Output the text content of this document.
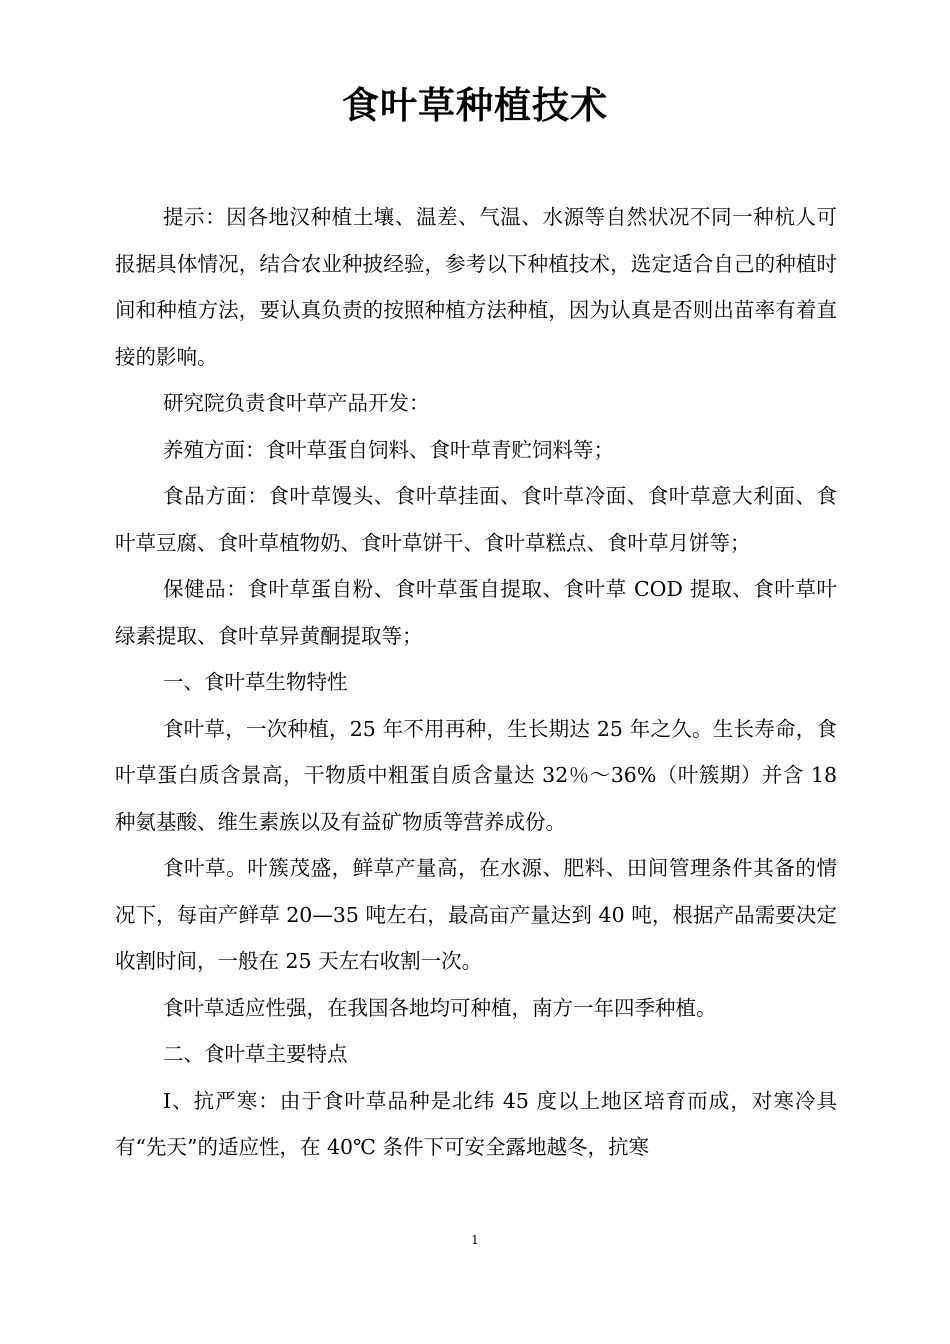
食叶草种植技术

提示：因各地汉种植土壤、温差、气温、水源等自然状况不同一种杭人可报据具体情况，结合农业种披经验，参考以下种植技术，选定适合自己的种植时间和种植方法，要认真负责的按照种植方法种植，因为认真是否则出苗率有着直接的影响。

研究院负责食叶草产品开发：

养殖方面：食叶草蛋自饲料、食叶草青贮饲料等；

食品方面：食叶草馒头、食叶草挂面、食叶草冷面、食叶草意大利面、食叶草豆腐、食叶草植物奶、食叶草饼干、食叶草糕点、食叶草月饼等；

保健品：食叶草蛋自粉、食叶草蛋自提取、食叶草 COD 提取、食叶草叶绿素提取、食叶草异黄酮提取等；

一、食叶草生物特性

食叶草，一次种植，25 年不用再种，生长期达 25 年之久。生长寿命，食叶草蛋白质含景高，干物质中粗蛋自质含量达 32％～36%（叶簇期）并含 18 种氨基酸、维生素族以及有益矿物质等营养成份。

食叶草。叶簇茂盛，鲜草产量高，在水源、肥料、田间管理条件其备的情况下，每亩产鲜草 20—35 吨左右，最高亩产量达到 40 吨，根据产品需要决定收割时间，一般在 25 天左右收割一次。

食叶草适应性强，在我国各地均可种植，南方一年四季种植。

二、食叶草主要特点

I、抗严寒：由于食叶草品种是北纬 45 度以上地区培育而成，对寒冷具有“先天”的适应性，在 40℃ 条件下可安全露地越冬，抗寒

1
